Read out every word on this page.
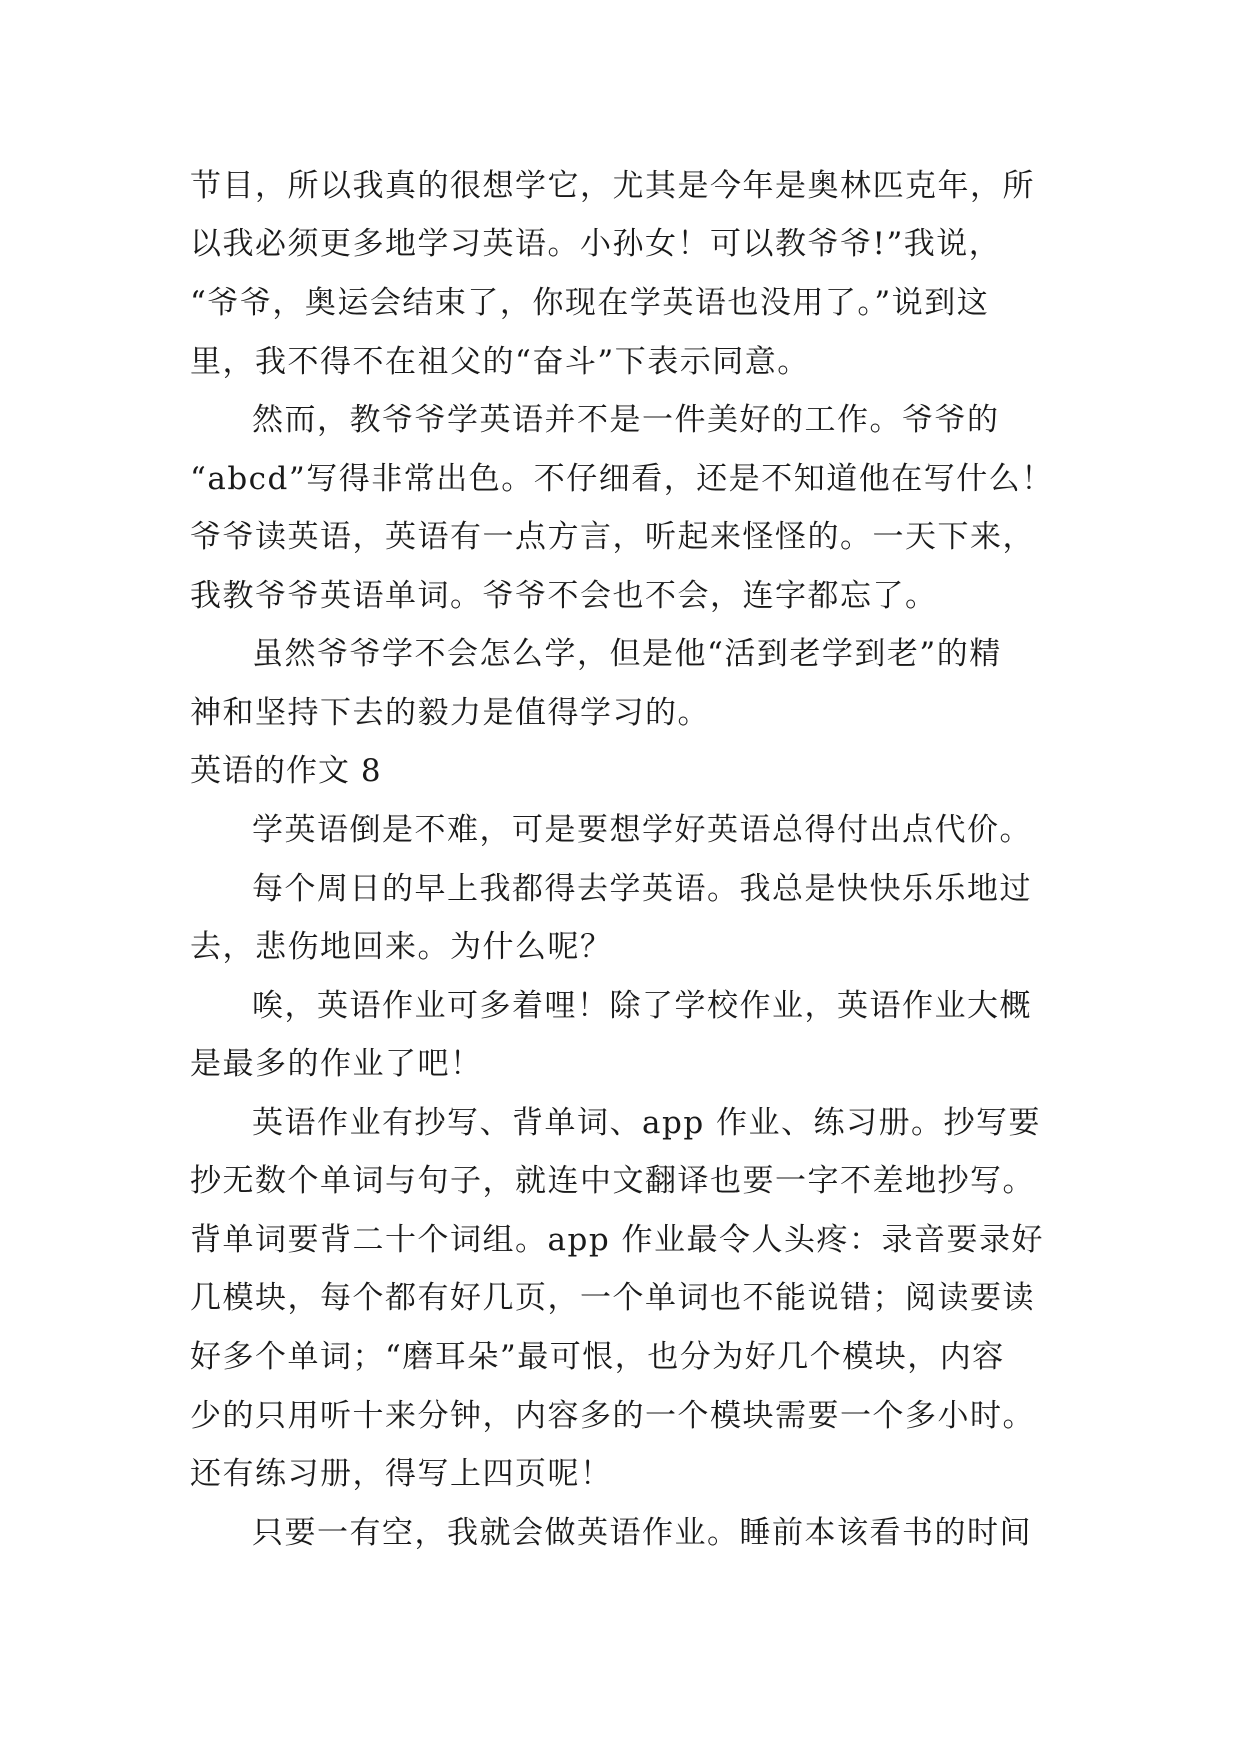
节目，所以我真的很想学它，尤其是今年是奥林匹克年，所
以我必须更多地学习英语。小孙女！可以教爷爷!”我说，
“爷爷，奥运会结束了，你现在学英语也没用了。”说到这
里，我不得不在祖父的“奋斗”下表示同意。
然而，教爷爷学英语并不是一件美好的工作。爷爷的
“abcd”写得非常出色。不仔细看，还是不知道他在写什么！
爷爷读英语，英语有一点方言，听起来怪怪的。一天下来，
我教爷爷英语单词。爷爷不会也不会，连字都忘了。
虽然爷爷学不会怎么学，但是他“活到老学到老”的精
神和坚持下去的毅力是值得学习的。
英语的作文 8
学英语倒是不难，可是要想学好英语总得付出点代价。
每个周日的早上我都得去学英语。我总是快快乐乐地过
去，悲伤地回来。为什么呢？
唉，英语作业可多着哩！除了学校作业，英语作业大概
是最多的作业了吧！
英语作业有抄写、背单词、app 作业、练习册。抄写要
抄无数个单词与句子，就连中文翻译也要一字不差地抄写。
背单词要背二十个词组。app 作业最令人头疼：录音要录好
几模块，每个都有好几页，一个单词也不能说错；阅读要读
好多个单词；“磨耳朵”最可恨，也分为好几个模块，内容
少的只用听十来分钟，内容多的一个模块需要一个多小时。
还有练习册，得写上四页呢！
只要一有空，我就会做英语作业。睡前本该看书的时间
